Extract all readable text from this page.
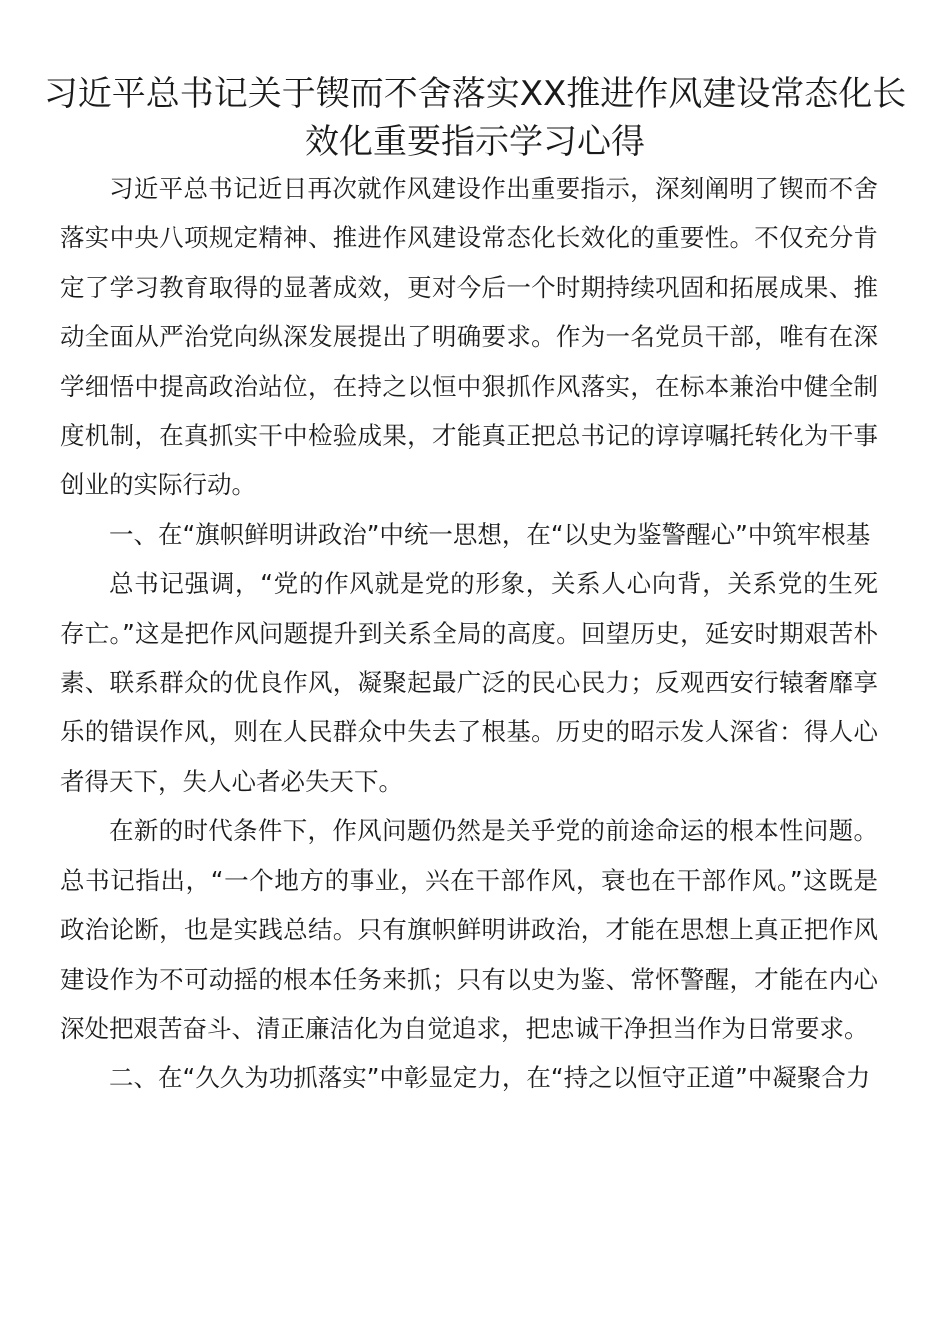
习近平总书记关于锲而不舍落实XX推进作风建设常态化长效化重要指示学习心得

习近平总书记近日再次就作风建设作出重要指示，深刻阐明了锲而不舍落实中央八项规定精神、推进作风建设常态化长效化的重要性。不仅充分肯定了学习教育取得的显著成效，更对今后一个时期持续巩固和拓展成果、推动全面从严治党向纵深发展提出了明确要求。作为一名党员干部，唯有在深学细悟中提高政治站位，在持之以恒中狠抓作风落实，在标本兼治中健全制度机制，在真抓实干中检验成果，才能真正把总书记的谆谆嘱托转化为干事创业的实际行动。

一、在“旗帜鲜明讲政治”中统一思想，在“以史为鉴警醒心”中筑牢根基

总书记强调，“党的作风就是党的形象，关系人心向背，关系党的生死存亡。”这是把作风问题提升到关系全局的高度。回望历史，延安时期艰苦朴素、联系群众的优良作风，凝聚起最广泛的民心民力；反观西安行辕奢靡享乐的错误作风，则在人民群众中失去了根基。历史的昭示发人深省：得人心者得天下，失人心者必失天下。

在新的时代条件下，作风问题仍然是关乎党的前途命运的根本性问题。总书记指出，“一个地方的事业，兴在干部作风，衰也在干部作风。”这既是政治论断，也是实践总结。只有旗帜鲜明讲政治，才能在思想上真正把作风建设作为不可动摇的根本任务来抓；只有以史为鉴、常怀警醒，才能在内心深处把艰苦奋斗、清正廉洁化为自觉追求，把忠诚干净担当作为日常要求。

二、在“久久为功抓落实”中彰显定力，在“持之以恒守正道”中凝聚合力
